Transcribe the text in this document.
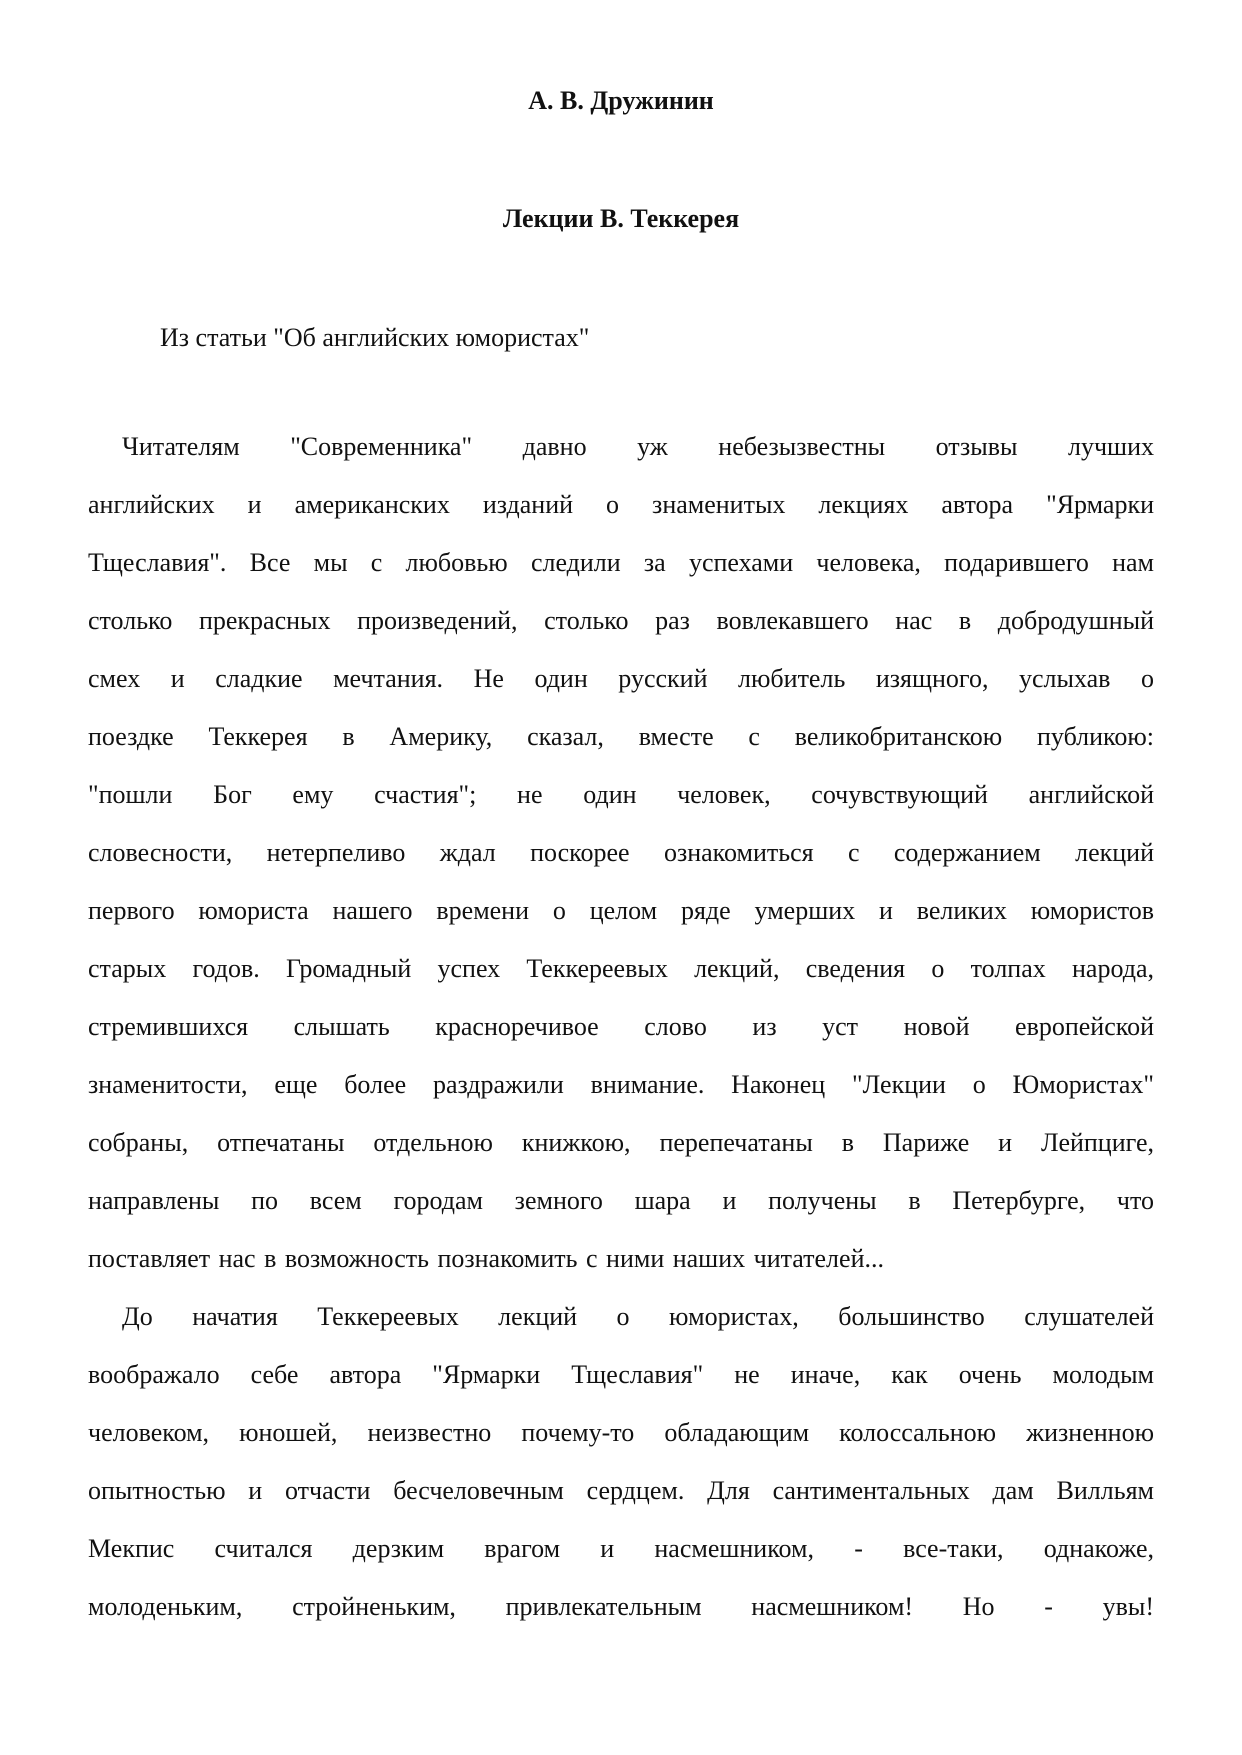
А. В. Дружинин
Лекции В. Теккерея
Из статьи "Об английских юмористах"
Читателям "Современника" давно уж небезызвестны отзывы лучших
английских и американских изданий о знаменитых лекциях автора "Ярмарки
Тщеславия". Все мы с любовью следили за успехами человека, подарившего нам
столько прекрасных произведений, столько раз вовлекавшего нас в добродушный
смех и сладкие мечтания. Не один русский любитель изящного, услыхав о
поездке Теккерея в Америку, сказал, вместе с великобританскою публикою:
"пошли Бог ему счастия"; не один человек, сочувствующий английской
словесности, нетерпеливо ждал поскорее ознакомиться с содержанием лекций
первого юмориста нашего времени о целом ряде умерших и великих юмористов
старых годов. Громадный успех Теккереевых лекций, сведения о толпах народа,
стремившихся слышать красноречивое слово из уст новой европейской
знаменитости, еще более раздражили внимание. Наконец "Лекции о Юмористах"
собраны, отпечатаны отдельною книжкою, перепечатаны в Париже и Лейпциге,
направлены по всем городам земного шара и получены в Петербурге, что
поставляет нас в возможность познакомить с ними наших читателей...
До начатия Теккереевых лекций о юмористах, большинство слушателей
воображало себе автора "Ярмарки Тщеславия" не иначе, как очень молодым
человеком, юношей, неизвестно почему-то обладающим колоссальною жизненною
опытностью и отчасти бесчеловечным сердцем. Для сантиментальных дам Вилльям
Мекпис считался дерзким врагом и насмешником, - все-таки, однакоже,
молоденьким, стройненьким, привлекательным насмешником! Но - увы!
